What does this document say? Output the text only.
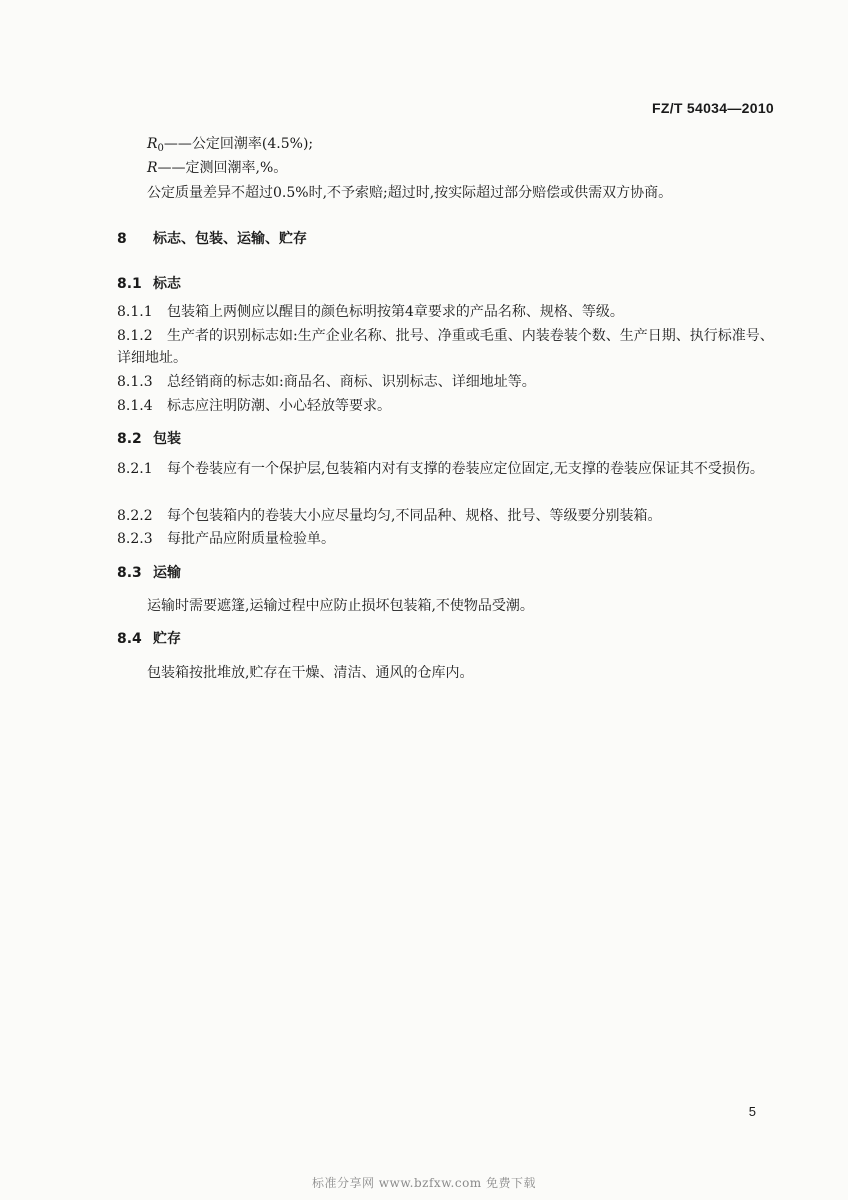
FZ/T 54034—2010
$R_0——$公定回潮率(4.5%);
R——定测回潮率,%。
公定质量差异不超过0.5%时,不予索赔;超过时,按实际超过部分赔偿或供需双方协商。
8 标志、包装、运输、贮存
8.1 标志
8.1.1 包装箱上两侧应以醒目的颜色标明按第4章要求的产品名称、规格、等级。
8.1.2 生产者的识别标志如:生产企业名称、批号、净重或毛重、内装卷装个数、生产日期、执行标准号、详细地址。
8.1.3 总经销商的标志如:商品名、商标、识别标志、详细地址等。
8.1.4 标志应注明防潮、小心轻放等要求。
8.2 包装
8.2.1 每个卷装应有一个保护层,包装箱内对有支撑的卷装应定位固定,无支撑的卷装应保证其不受损伤。
8.2.2 每个包装箱内的卷装大小应尽量均匀,不同品种、规格、批号、等级要分别装箱。
8.2.3 每批产品应附质量检验单。
8.3 运输
运输时需要遮篷,运输过程中应防止损坏包装箱,不使物品受潮。
8.4 贮存
包装箱按批堆放,贮存在干燥、清洁、通风的仓库内。
5
标准分享网 www.bzfxw.com 免费下载
